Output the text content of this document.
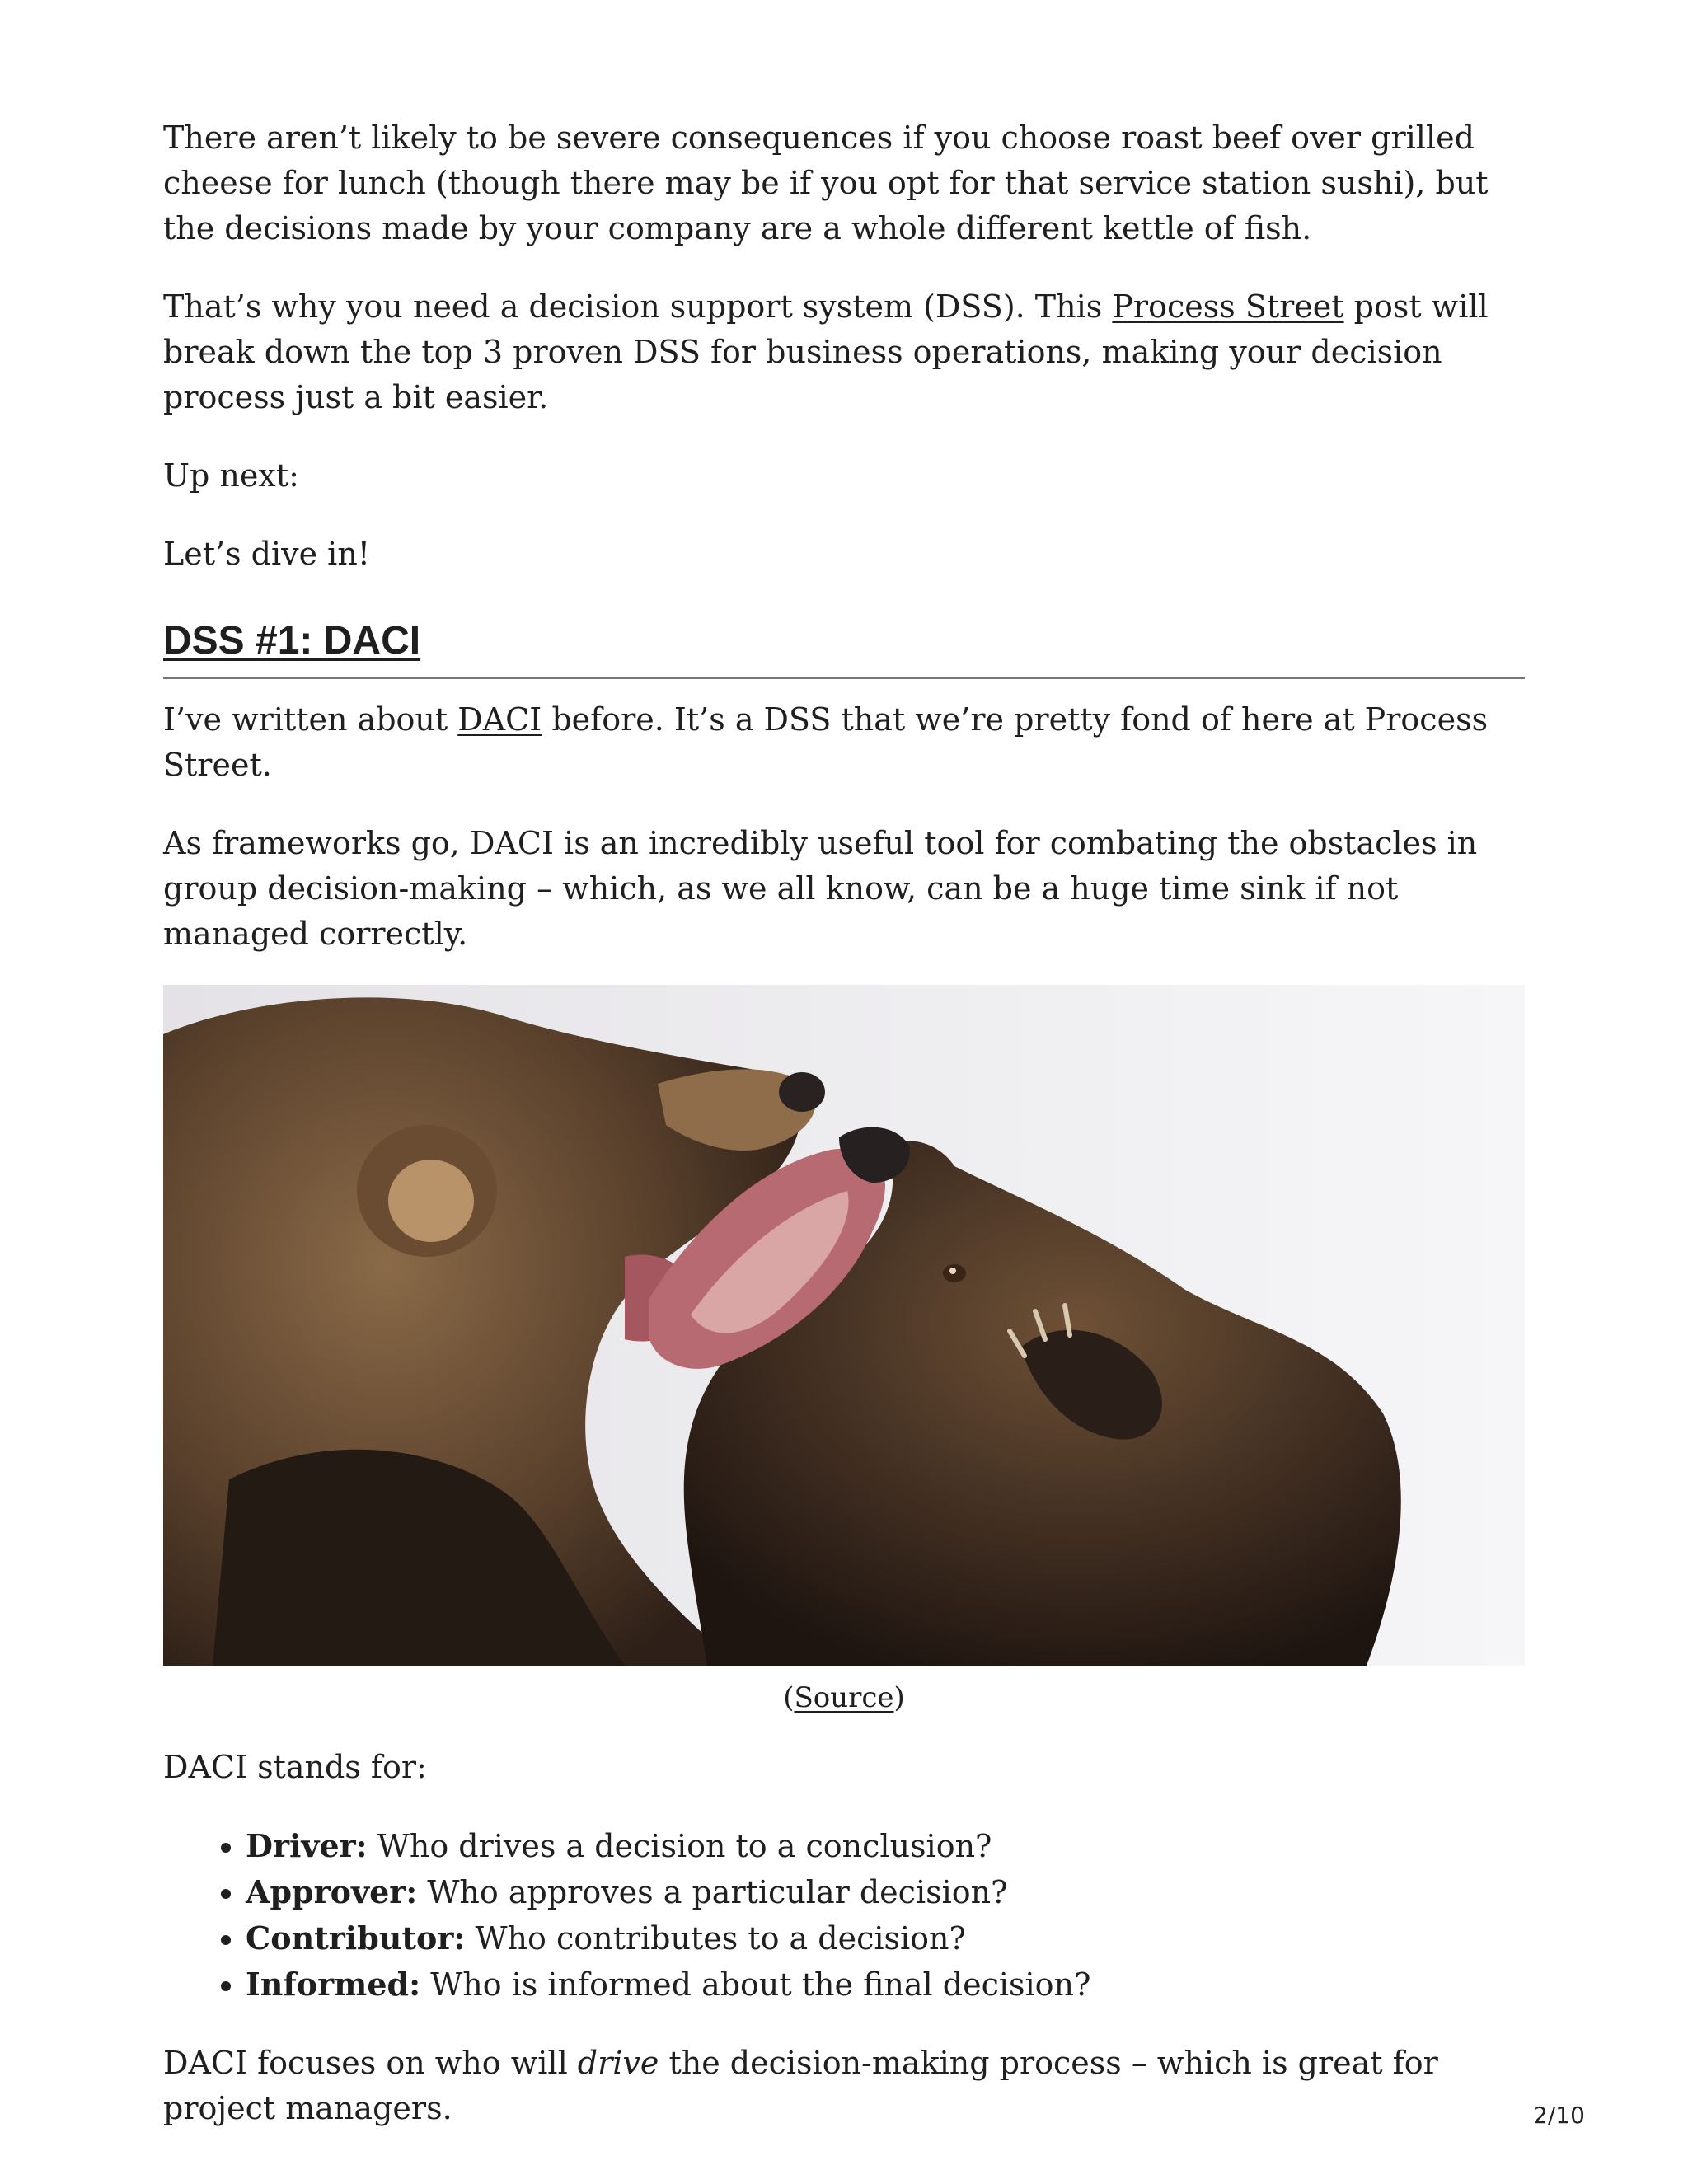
There aren’t likely to be severe consequences if you choose roast beef over grilled cheese for lunch (though there may be if you opt for that service station sushi), but the decisions made by your company are a whole different kettle of fish.

That’s why you need a decision support system (DSS). This Process Street post will break down the top 3 proven DSS for business operations, making your decision process just a bit easier.

Up next:

Let’s dive in!

DSS #1: DACI

I’ve written about DACI before. It’s a DSS that we’re pretty fond of here at Process Street.

As frameworks go, DACI is an incredibly useful tool for combating the obstacles in group decision-making – which, as we all know, can be a huge time sink if not managed correctly.

(Source)

DACI stands for:

• Driver: Who drives a decision to a conclusion?
• Approver: Who approves a particular decision?
• Contributor: Who contributes to a decision?
• Informed: Who is informed about the final decision?

DACI focuses on who will drive the decision-making process – which is great for project managers.	2/10
